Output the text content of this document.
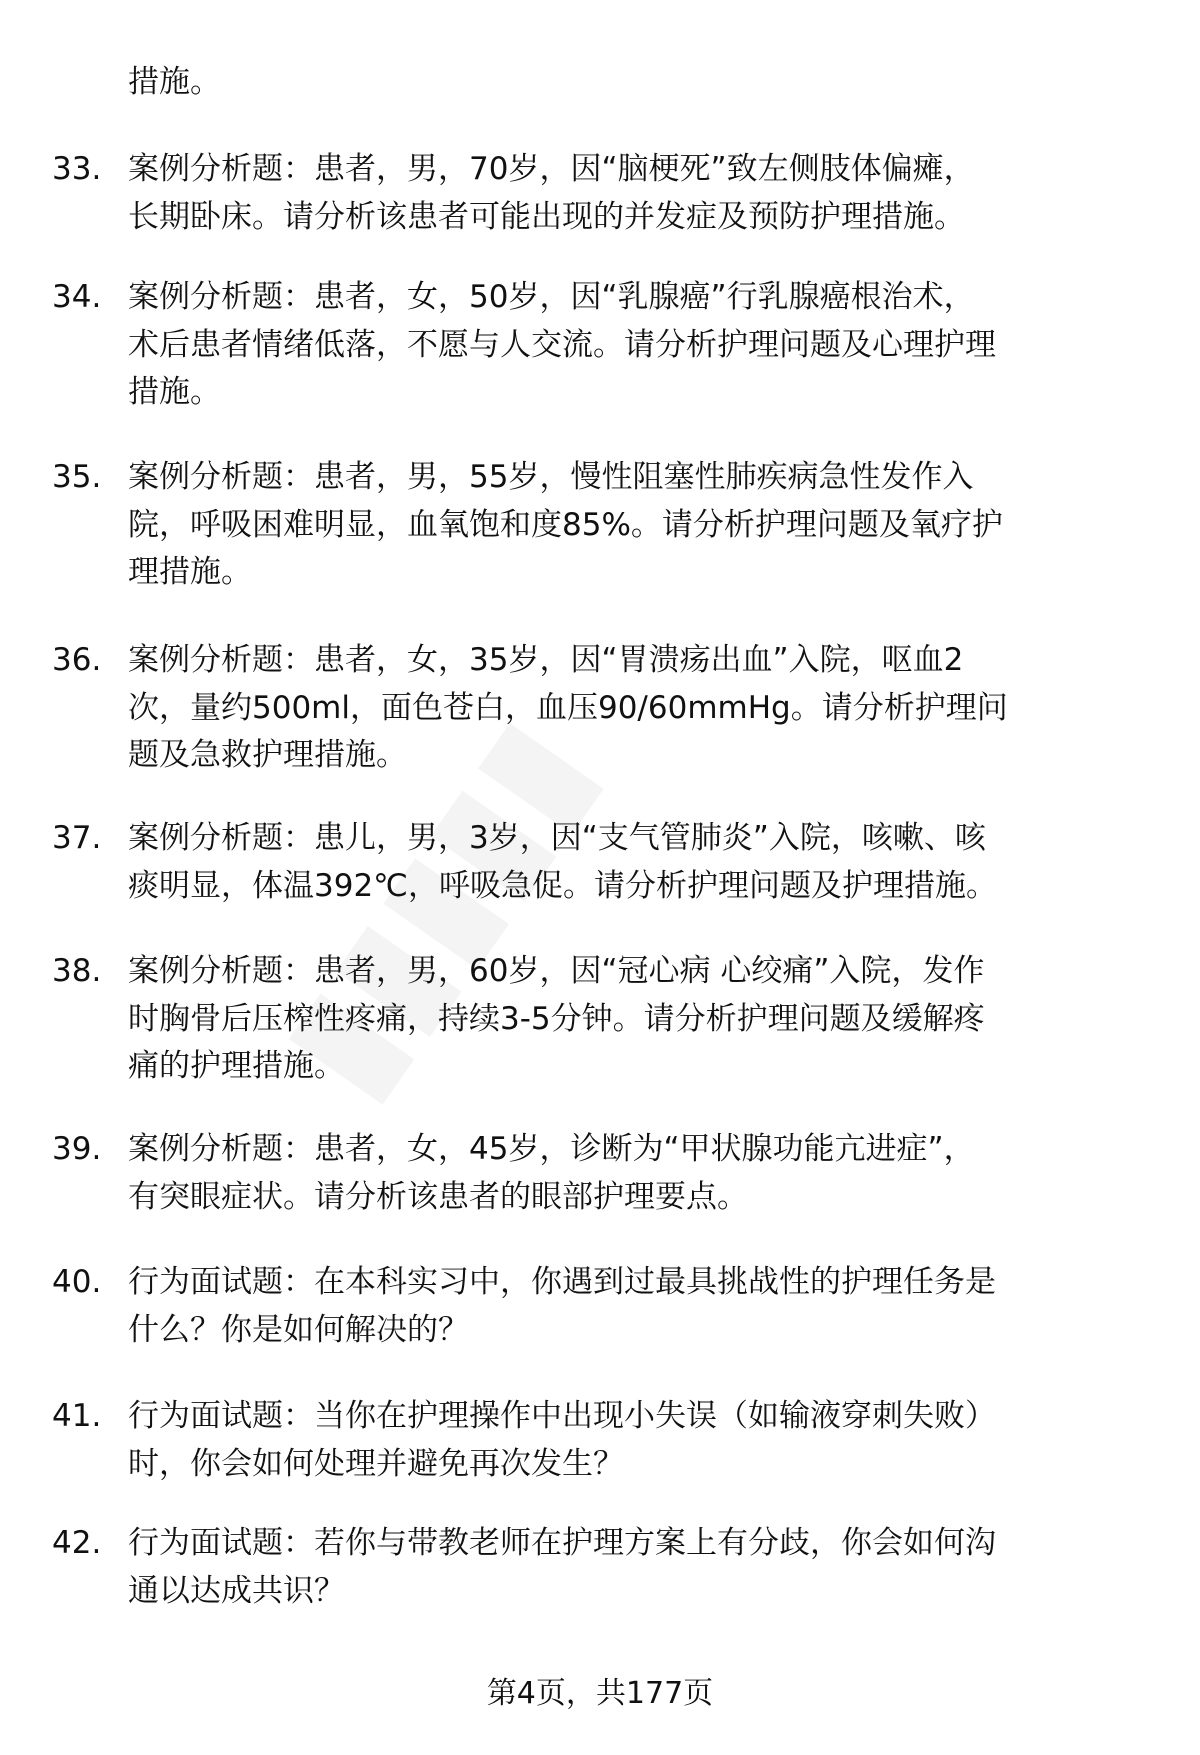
措施。
33. 案例分析题：患者，男，70岁，因“脑梗死”致左侧肢体偏瘫，
长期卧床。请分析该患者可能出现的并发症及预防护理措施。
34. 案例分析题：患者，女，50岁，因“乳腺癌”行乳腺癌根治术，
术后患者情绪低落，不愿与人交流。请分析护理问题及心理护理
措施。
35. 案例分析题：患者，男，55岁，慢性阻塞性肺疾病急性发作入
院，呼吸困难明显，血氧饱和度85%。请分析护理问题及氧疗护
理措施。
36. 案例分析题：患者，女，35岁，因“胃溃疡出血”入院，呕血2
次，量约500ml，面色苍白，血压90/60mmHg。请分析护理问
题及急救护理措施。
37. 案例分析题：患儿，男，3岁，因“支气管肺炎”入院，咳嗽、咳
痰明显，体温392℃，呼吸急促。请分析护理问题及护理措施。
38. 案例分析题：患者，男，60岁，因“冠心病 心绞痛”入院，发作
时胸骨后压榨性疼痛，持续3-5分钟。请分析护理问题及缓解疼
痛的护理措施。
39. 案例分析题：患者，女，45岁，诊断为“甲状腺功能亢进症”，
有突眼症状。请分析该患者的眼部护理要点。
40. 行为面试题：在本科实习中，你遇到过最具挑战性的护理任务是
什么？你是如何解决的？
41. 行为面试题：当你在护理操作中出现小失误（如输液穿刺失败）
时，你会如何处理并避免再次发生？
42. 行为面试题：若你与带教老师在护理方案上有分歧，你会如何沟
通以达成共识？
第4页，共177页
